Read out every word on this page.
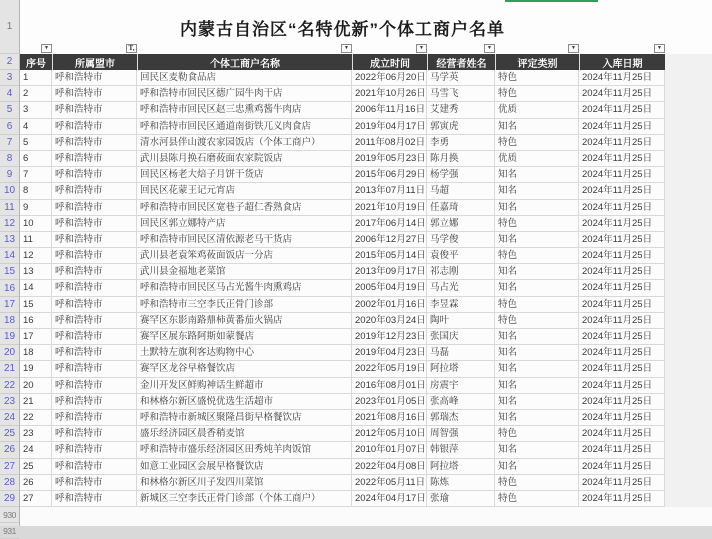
1
2
3
4
5
6
7
8
9
10
11
12
13
14
15
16
17
18
19
20
21
22
23
24
25
26
27
28
29
930
931
内蒙古自治区“名特优新”个体工商户名单
▼	T,	▼	▼	▼	▼	▼
序号	所属盟市	个体工商户名称	成立时间	经营者姓名	评定类别	入库日期
1	呼和浩特市	回民区麦勒食品店	2022年06月20日 马学英	特色	2024年11月25日
2	呼和浩特市	呼和浩特市回民区德广园牛肉干店	2021年10月26日 马雪飞	特色	2024年11月25日
3	呼和浩特市	呼和浩特市回民区赵三忠熏鸡酱牛肉店	2006年11月16日 艾建秀	优质	2024年11月25日
4	呼和浩特市	呼和浩特市回民区通道南街铁兀义肉食店	2019年04月17日 郭寅虎	知名	2024年11月25日
5	呼和浩特市	清水河县伴山渡农家园饭店（个体工商户）	2011年08月02日 李勇	特色	2024年11月25日
6	呼和浩特市	武川县陈月换石磨莜面农家院饭店	2019年05月23日 陈月换	优质	2024年11月25日
7	呼和浩特市	回民区杨老大焙子月饼干货店	2015年06月29日 杨学强	知名	2024年11月25日
8	呼和浩特市	回民区花蒙王记元宵店	2013年07月11日 马超	知名	2024年11月25日
9	呼和浩特市	呼和浩特市回民区宽巷子超仁香熟食店	2021年10月19日 任嘉琦	知名	2024年11月25日
10	呼和浩特市	回民区郭立娜特产店	2017年06月14日 郭立娜	特色	2024年11月25日
11	呼和浩特市	呼和浩特市回民区清依源老马干货店	2006年12月27日 马学俊	知名	2024年11月25日
12	呼和浩特市	武川县老袁笨鸡莜面饭店一分店	2015年05月14日 袁俊平	特色	2024年11月25日
13	呼和浩特市	武川县金福地老菜馆	2013年09月17日 祁志刚	知名	2024年11月25日
14	呼和浩特市	呼和浩特市回民区马占光酱牛肉熏鸡店	2005年04月19日 马占光	知名	2024年11月25日
15	呼和浩特市	呼和浩特市三空李氏正骨门诊部	2002年01月16日 李昱霖	特色	2024年11月25日
16	呼和浩特市	赛罕区东影南路鼎柿黄番茄火锅店	2020年03月24日 陶叶	特色	2024年11月25日
17	呼和浩特市	赛罕区展东路阿斯如蒙餐店	2019年12月23日 张国庆	知名	2024年11月25日
18	呼和浩特市	土默特左旗利客达购物中心	2019年04月23日 马磊	知名	2024年11月25日
19	呼和浩特市	赛罕区龙谷早格餐饮店	2022年05月19日 阿拉塔	知名	2024年11月25日
20	呼和浩特市	金川开发区鲜购神话生鲜超市	2016年08月01日 房震宇	知名	2024年11月25日
21	呼和浩特市	和林格尔新区盛悦优选生活超市	2023年01月05日 张高峰	知名	2024年11月25日
22	呼和浩特市	呼和浩特市新城区聚隆昌街早格餐饮店	2021年08月16日 郭瑞杰	知名	2024年11月25日
23	呼和浩特市	盛乐经济园区晨香稍麦馆	2012年05月10日 周智强	特色	2024年11月25日
24	呼和浩特市	呼和浩特市盛乐经济园区田秀炖羊肉饭馆	2010年01月07日 韩银萍	知名	2024年11月25日
25	呼和浩特市	如意工业园区会展早格餐饮店	2022年04月08日 阿拉塔	知名	2024年11月25日
26	呼和浩特市	和林格尔新区川子发四川菜馆	2022年05月11日 陈炼	特色	2024年11月25日
27	呼和浩特市	新城区三空李氏正骨门诊部（个体工商户）	2024年04月17日 张瑜	特色	2024年11月25日
